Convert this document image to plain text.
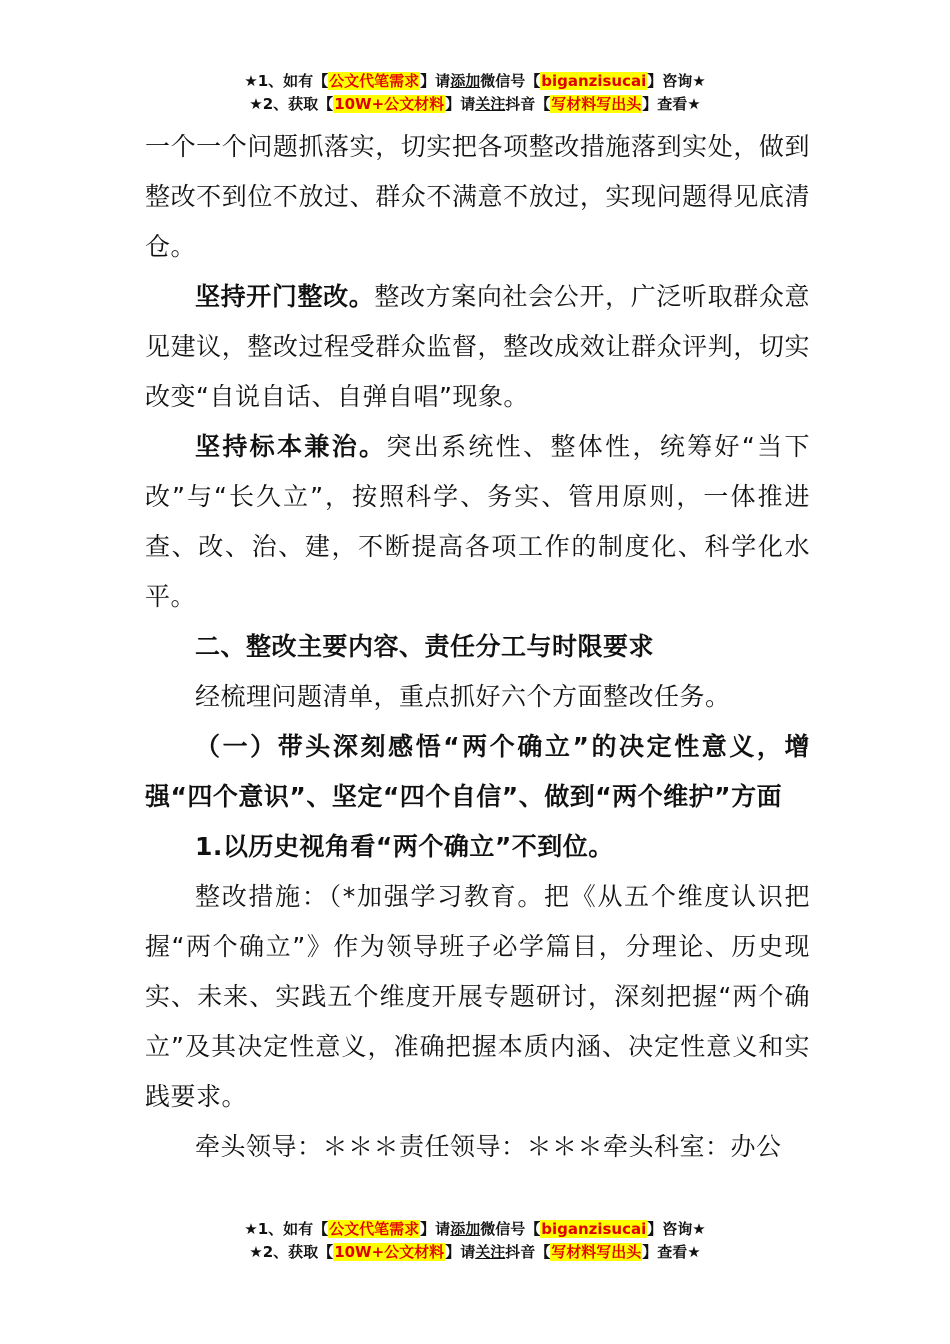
★1、如有【公文代笔需求】请添加微信号【biganzisucai】咨询★
★2、获取【10W+公文材料】请关注抖音【写材料写出头】查看★

一个一个问题抓落实，切实把各项整改措施落到实处，做到整改不到位不放过、群众不满意不放过，实现问题得见底清仓。

坚持开门整改。整改方案向社会公开，广泛听取群众意见建议，整改过程受群众监督，整改成效让群众评判，切实改变“自说自话、自弹自唱”现象。

坚持标本兼治。突出系统性、整体性，统筹好“当下改”与“长久立”，按照科学、务实、管用原则，一体推进查、改、治、建，不断提高各项工作的制度化、科学化水平。

二、整改主要内容、责任分工与时限要求

经梳理问题清单，重点抓好六个方面整改任务。

（一）带头深刻感悟“两个确立”的决定性意义，增强“四个意识”、坚定“四个自信”、做到“两个维护”方面

1.以历史视角看“两个确立”不到位。

整改措施：（*加强学习教育。把《从五个维度认识把握“两个确立”》作为领导班子必学篇目，分理论、历史现实、未来、实践五个维度开展专题研讨，深刻把握“两个确立”及其决定性意义，准确把握本质内涵、决定性意义和实践要求。

牵头领导：＊＊＊责任领导：＊＊＊牵头科室：办公

★1、如有【公文代笔需求】请添加微信号【biganzisucai】咨询★
★2、获取【10W+公文材料】请关注抖音【写材料写出头】查看★
